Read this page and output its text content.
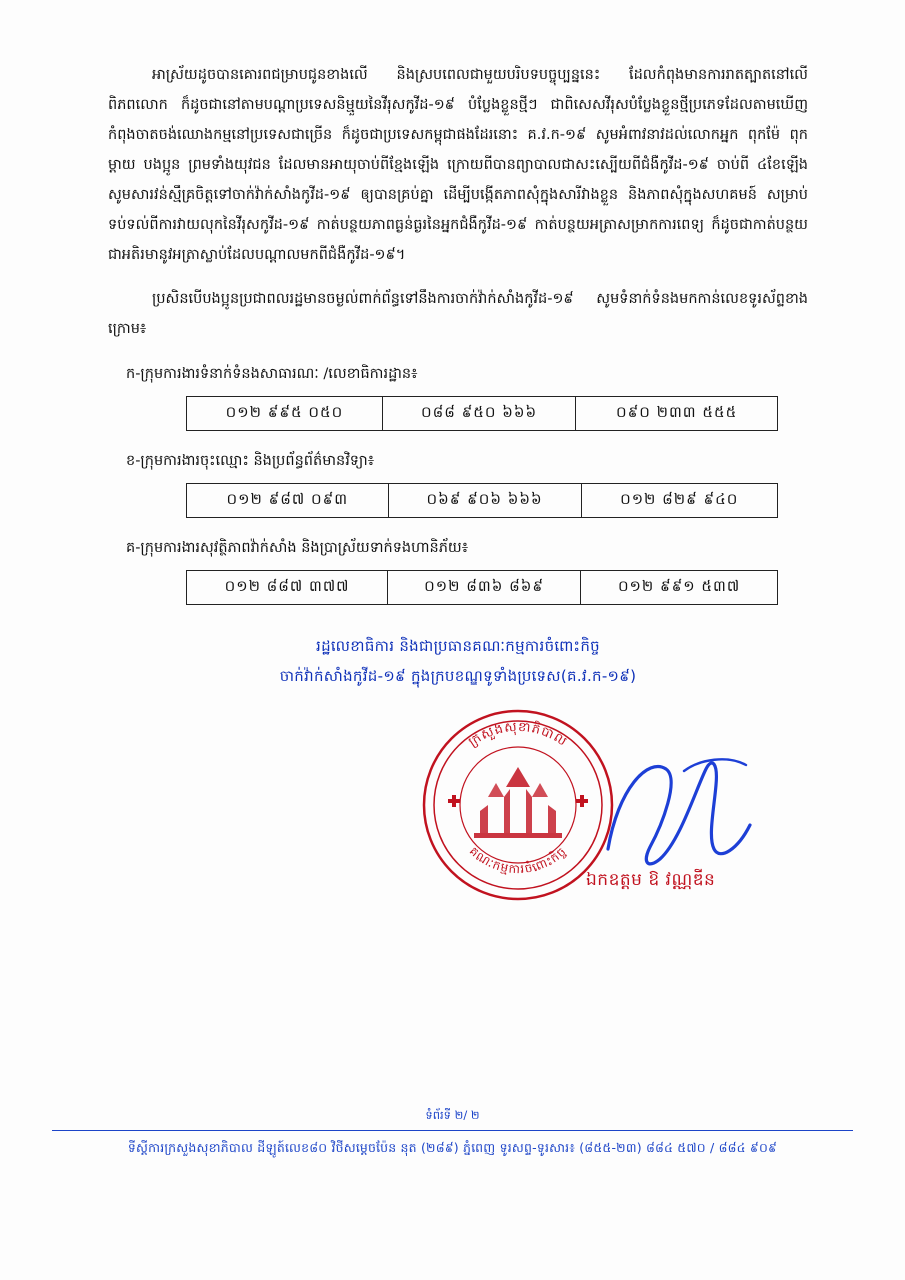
អាស្រ័យដូចបានគោរពជម្រាបជូនខាងលើ និងស្របពេលជាមួយបរិបទបច្ចុប្បន្ននេះ ដែលកំពុងមានការរាតត្បាតនៅលើពិភពលោក ក៏ដូចជានៅតាមបណ្ដាប្រទេសនិម្មួយនៃវីរុសកូវីដ-១៩ បំប្លែងខ្លួនថ្មីៗ ជាពិសេសវីរុសបំប្លែងខ្លួនថ្មីប្រភេទដែលតាមឃើញកំពុងចាតចង់ឈោងកម្មនៅប្រទេសជាច្រើន ក៏ដូចជាប្រទេសកម្ពុជាផងដែរនោះ គ.វ.ក-១៩ សូមអំពាវនាវដល់លោកអ្នក ពុកម៉ែ ពុកម្តាយ បងប្អូន ព្រមទាំងយុវជន ដែលមានអាយុចាប់ពីខែ្មងឡើង ក្រោយពីបានព្យាបាលជាសះស្បើយពីជំងឺកូវីដ-១៩ ចាប់ពី ៤ខែឡើង សូមសារវន់ស្មឹគ្រចិត្តទៅចាក់វ៉ាក់សាំងកូវីដ-១៩ ឲ្យបានគ្រប់គ្នា ដើម្បីបង្កើតភាពសុំក្នុងសារីវាងខ្លួន និងភាពសុំក្នុងសហគមន៍ សម្រាប់ទប់ទល់ពីការវាយលុកនៃវីរុសកូវីដ-១៩ កាត់បន្ថយភាពធ្ងន់ធ្ងរនៃអ្នកជំងឺកូវីដ-១៩ កាត់បន្ថយអត្រាសម្រាកការពេទ្យ ក៏ដូចជាកាត់បន្ថយជាអតិរមានូវអត្រាស្លាប់ដែលបណ្ដាលមកពីជំងឺកូវីដ-១៩។

ប្រសិនបើបងប្អូនប្រជាពលរដ្ឋមានចម្ងល់ពាក់ព័ន្ធទៅនឹងការចាក់វ៉ាក់សាំងកូវីដ-១៩ សូមទំនាក់ទំនងមកកាន់លេខទូរស័ព្ទខាងក្រោម៖

ក-ក្រុមការងារទំនាក់ទំនងសាធារណៈ /លេខាធិការដ្ឋាន៖
០១២ ៩៩៥ ០៥០	០៨៨ ៩៥០ ៦៦៦	០៩០ ២៣៣ ៥៥៥
ខ-ក្រុមការងារចុះឈ្មោះ និងប្រព័ន្ធព័ត៌មានវិទ្យា៖
០១២ ៩៨៧ ០៩៣	០៦៩ ៩០៦ ៦៦៦	០១២ ៨២៩ ៩៤០
គ-ក្រុមការងារសុវត្ថិភាពវ៉ាក់សាំង និងប្រាស្រ័យទាក់ទងហានិភ័យ៖
០១២ ៨៨៧ ៣៧៧	០១២ ៨៣៦ ៨៦៩	០១២ ៩៩១ ៥៣៧
រដ្ឋលេខាធិការ និងជាប្រធានគណៈកម្មការចំពោះកិច្ច
ចាក់វ៉ាក់សាំងកូវីដ-១៩ ក្នុងក្របខណ្ឌទូទាំងប្រទេស(គ.វ.ក-១៩)
ក្រសួងសុខាភិបាល
គណៈកម្មការចំពោះកិច្ច
ឯកឧត្តម ឱ វណ្ណឌីន
ទំព័រទី ២/ ២
ទីស្ដីការក្រសួងសុខាភិបាល ដីឡូត៍លេខ៨០ វិថីសម្ដេចប៉ែន នុត (២៨៩) ភ្នំពេញ ទូរសព្ទ-ទូរសារ៖ (៨៥៥-២៣) ៨៨៤ ៥៧០ / ៨៨៤ ៩០៩
